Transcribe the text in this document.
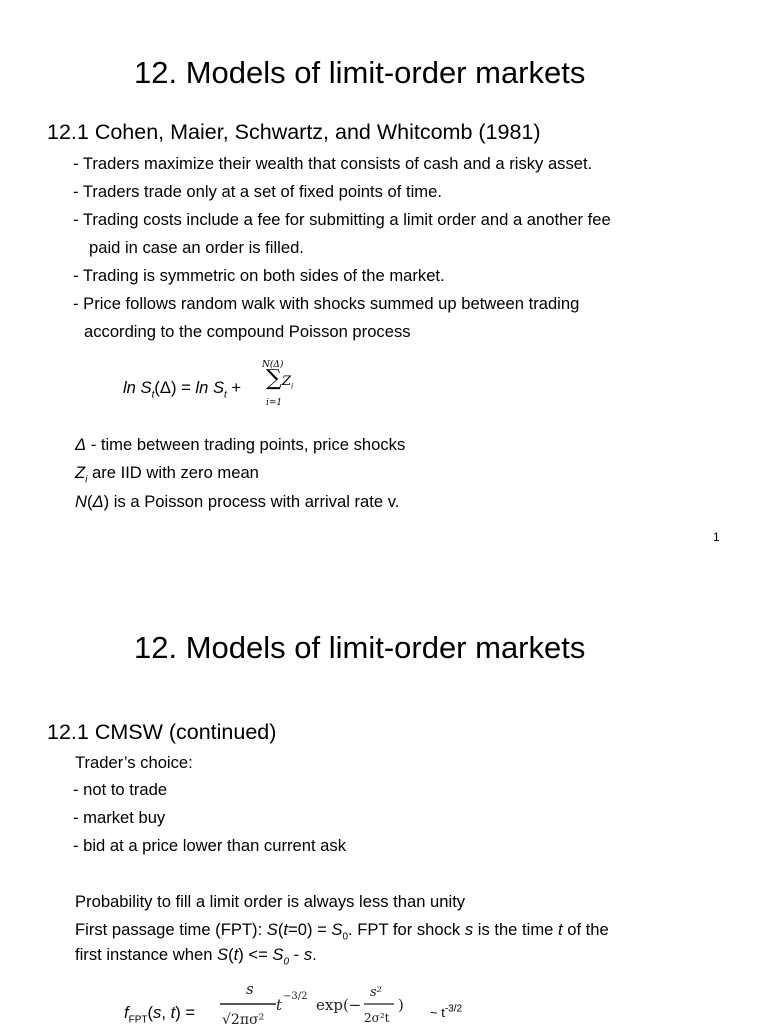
12. Models of limit-order markets
12.1 Cohen, Maier, Schwartz, and Whitcomb (1981)
- Traders maximize their wealth that consists of cash and a risky asset.
- Traders trade only at a set of fixed points of time.
- Trading costs include a fee for submitting a limit order and a another fee
paid in case an order is filled.
- Trading is symmetric on both sides of the market.
- Price follows random walk with shocks summed up between trading
according to the compound Poisson process
$\ln S_t(\Delta) = \ln S_t$ +
N(Δ)
∑ $Z_i$
i=1
Δ - time between trading points, price shocks
$Z_i$ are IID with zero mean
N(Δ) is a Poisson process with arrival rate v.
1
12. Models of limit-order markets
12.1 CMSW (continued)
Trader’s choice:
- not to trade
- market buy
- bid at a price lower than current ask
Probability to fill a limit order is always less than unity
First passage time (FPT): $S(t=0) = S_0$. FPT for shock s is the time t of the
first instance when $S(t) <= S_0 - s$.
$f_{FPT}(s$, t) =
s
√2πσ²
t −3/2 exp(−
s²
2σ²t
) ~ $t^{-3/2}$
